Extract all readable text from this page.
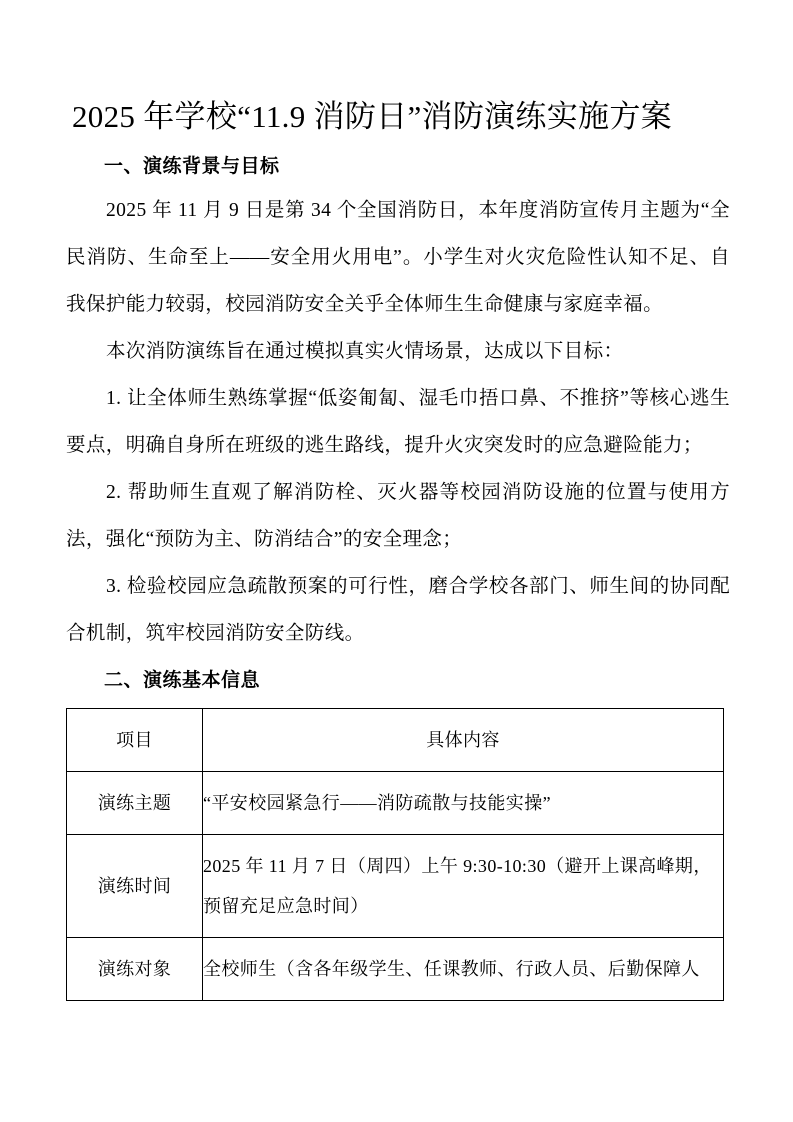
2025 年学校“11.9 消防日”消防演练实施方案
一、演练背景与目标

2025 年 11 月 9 日是第 34 个全国消防日，本年度消防宣传月主题为“全民消防、生命至上——安全用火用电”。小学生对火灾危险性认知不足、自我保护能力较弱，校园消防安全关乎全体师生生命健康与家庭幸福。

本次消防演练旨在通过模拟真实火情场景，达成以下目标：

1. 让全体师生熟练掌握“低姿匍匐、湿毛巾捂口鼻、不推挤”等核心逃生要点，明确自身所在班级的逃生路线，提升火灾突发时的应急避险能力；

2. 帮助师生直观了解消防栓、灭火器等校园消防设施的位置与使用方法，强化“预防为主、防消结合”的安全理念；

3. 检验校园应急疏散预案的可行性，磨合学校各部门、师生间的协同配合机制，筑牢校园消防安全防线。

二、演练基本信息
项目	具体内容
演练主题	“平安校园紧急行——消防疏散与技能实操”
演练时间	2025 年 11 月 7 日（周四）上午 9:30-10:30（避开上课高峰期，预留充足应急时间）
演练对象	全校师生（含各年级学生、任课教师、行政人员、后勤保障人
